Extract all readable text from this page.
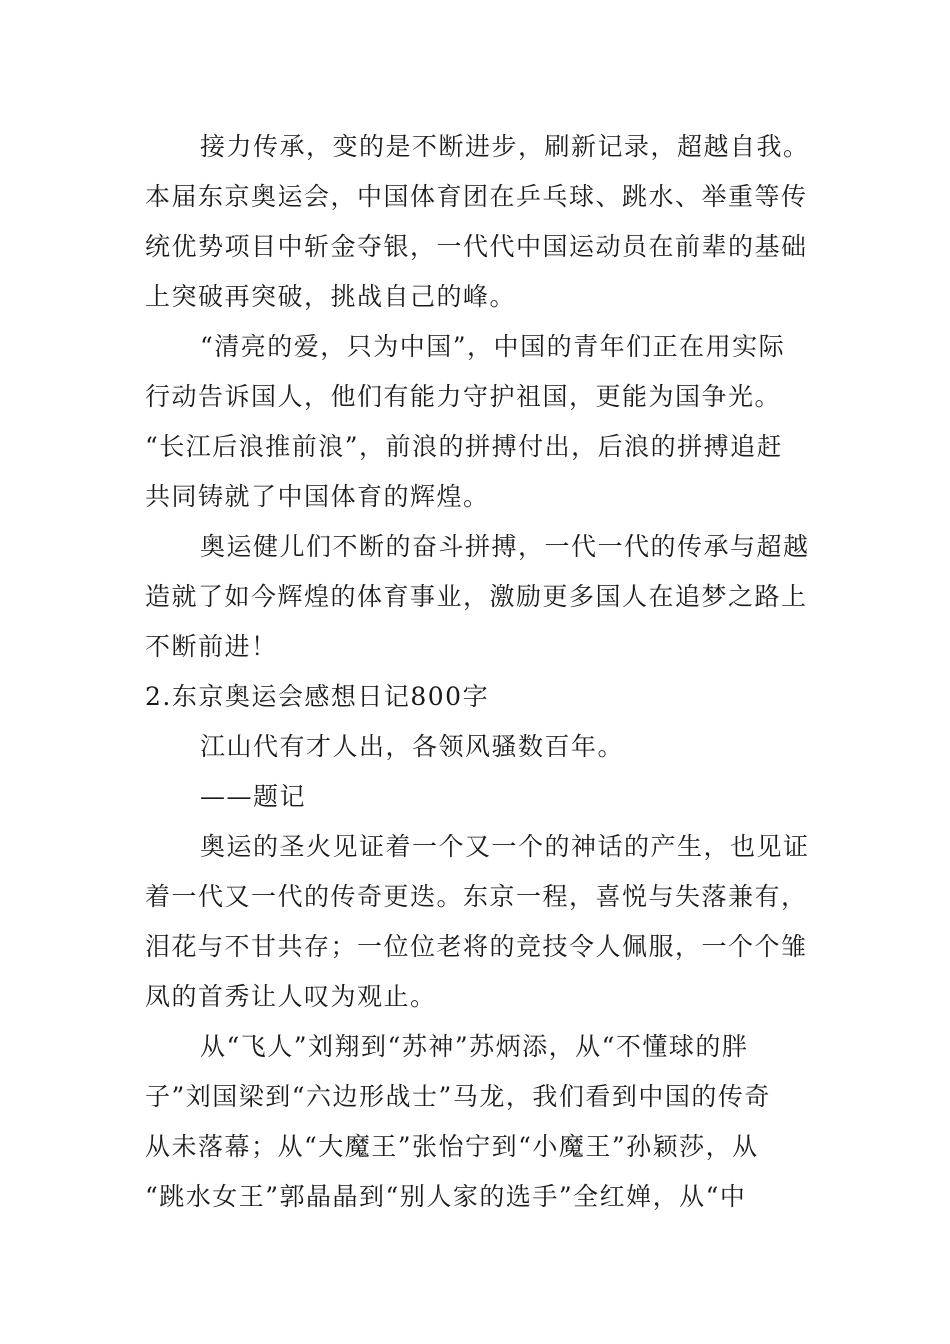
接力传承，变的是不断进步，刷新记录，超越自我。
本届东京奥运会，中国体育团在乒乓球、跳水、举重等传
统优势项目中斩金夺银，一代代中国运动员在前辈的基础
上突破再突破，挑战自己的峰。

“清亮的爱，只为中国”，中国的青年们正在用实际
行动告诉国人，他们有能力守护祖国，更能为国争光。
“长江后浪推前浪”，前浪的拼搏付出，后浪的拼搏追赶
共同铸就了中国体育的辉煌。

奥运健儿们不断的奋斗拼搏，一代一代的传承与超越
造就了如今辉煌的体育事业，激励更多国人在追梦之路上
不断前进！

2.东京奥运会感想日记800字

江山代有才人出，各领风骚数百年。

——题记

奥运的圣火见证着一个又一个的神话的产生，也见证
着一代又一代的传奇更迭。东京一程，喜悦与失落兼有，
泪花与不甘共存；一位位老将的竞技令人佩服，一个个雏
凤的首秀让人叹为观止。

从“飞人”刘翔到“苏神”苏炳添，从“不懂球的胖
子”刘国梁到“六边形战士”马龙，我们看到中国的传奇
从未落幕；从“大魔王”张怡宁到“小魔王”孙颖莎，从
“跳水女王”郭晶晶到“别人家的选手”全红婵，从“中
